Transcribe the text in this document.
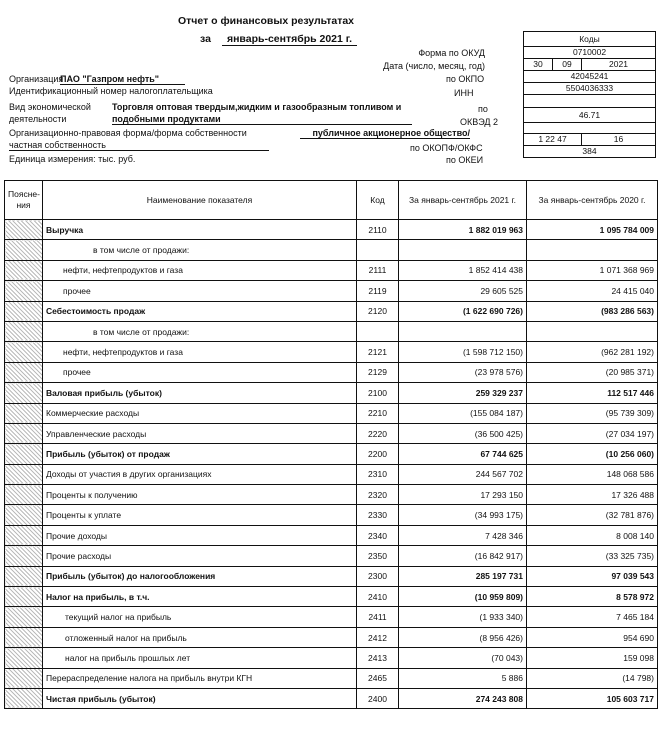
Отчет о финансовых результатах
за	январь-сентябрь 2021 г.
Форма по ОКУД
Дата (число, месяц, год)
Организация
ПАО "Газпром нефть"	по ОКПО
Идентификационный номер налогоплательщика	ИНН
Вид экономической Торговля оптовая твердым,жидким и газообразным топливом и	по
деятельности	подобными продуктами	ОКВЭД 2
Организационно-правовая форма/форма собственности	публичное акционерное общество/
частная собственность	по ОКОПФ/ОКФС
Единица измерения: тыс. руб.	по ОКЕИ
Коды		
0710002		
30	09	2021
42045241		
5504036333		

46.71		

1 22 47		16
384		
Поясне-ния	Наименование показателя	Код	За январь-сентябрь 2021 г.	За январь-сентябрь 2020 г.
	Выручка	2110	1 882 019 963	1 095 784 009
	в том числе от продажи:			
	нефти, нефтепродуктов и газа	2111	1 852 414 438	1 071 368 969
	прочее	2119	29 605 525	24 415 040
	Себестоимость продаж	2120	(1 622 690 726)	(983 286 563)
	в том числе от продажи:			
	нефти, нефтепродуктов и газа	2121	(1 598 712 150)	(962 281 192)
	прочее	2129	(23 978 576)	(20 985 371)
	Валовая прибыль (убыток)	2100	259 329 237	112 517 446
	Коммерческие расходы	2210	(155 084 187)	(95 739 309)
	Управленческие расходы	2220	(36 500 425)	(27 034 197)
	Прибыль (убыток) от продаж	2200	67 744 625	(10 256 060)
	Доходы от участия в других организациях	2310	244 567 702	148 068 586
	Проценты к получению	2320	17 293 150	17 326 488
	Проценты к уплате	2330	(34 993 175)	(32 781 876)
	Прочие доходы	2340	7 428 346	8 008 140
	Прочие расходы	2350	(16 842 917)	(33 325 735)
	Прибыль (убыток) до налогообложения	2300	285 197 731	97 039 543
	Налог на прибыль, в т.ч.	2410	(10 959 809)	8 578 972
	текущий налог на прибыль	2411	(1 933 340)	7 465 184
	отложенный налог на прибыль	2412	(8 956 426)	954 690
	налог на прибыль прошлых лет	2413	(70 043)	159 098
	Перераспределение налога на прибыль внутри КГН	2465	5 886	(14 798)
	Чистая прибыль (убыток)	2400	274 243 808	105 603 717
